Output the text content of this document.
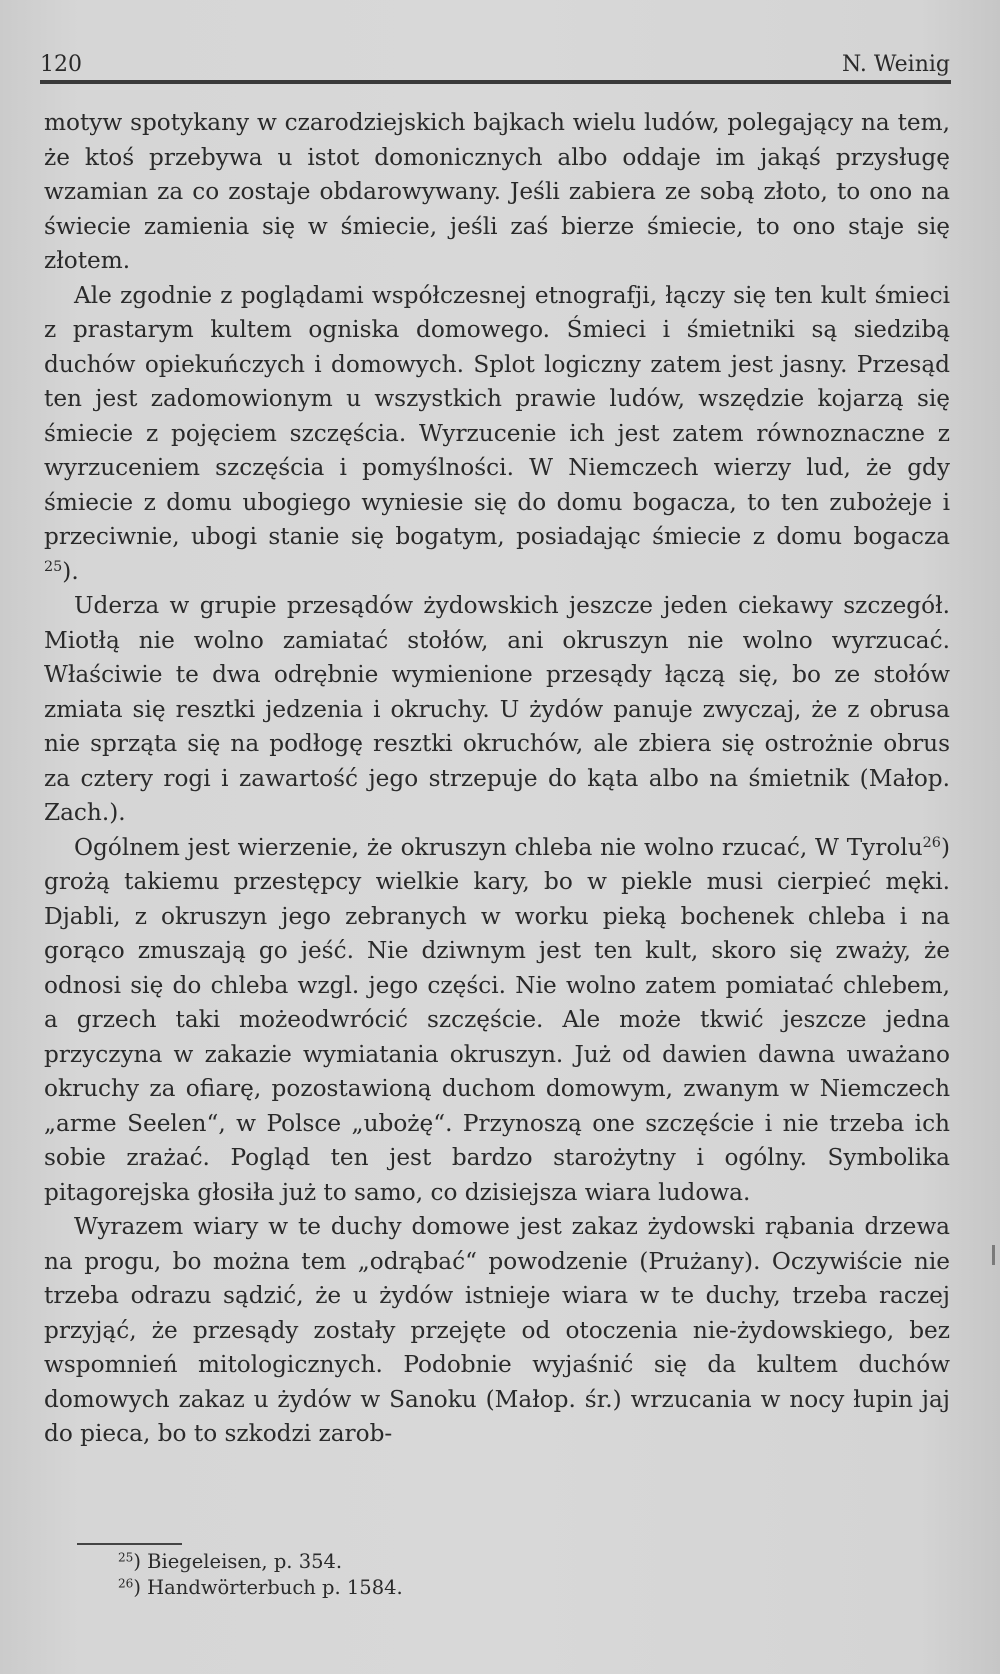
120	N. Weinig

motyw spotykany w czarodziejskich bajkach wielu ludów, polegający na tem, że ktoś przebywa u istot domonicznych albo oddaje im jakąś przysługę wzamian za co zostaje obdarowywany. Jeśli zabiera ze sobą złoto, to ono na świecie zamienia się w śmiecie, jeśli zaś bierze śmiecie, to ono staje się złotem.

Ale zgodnie z poglądami współczesnej etnografji, łączy się ten kult śmieci z prastarym kultem ogniska domowego. Śmieci i śmietniki są siedzibą duchów opiekuńczych i domowych. Splot logiczny zatem jest jasny. Przesąd ten jest zadomowionym u wszystkich prawie ludów, wszędzie kojarzą się śmiecie z pojęciem szczęścia. Wyrzucenie ich jest zatem równoznaczne z wyrzuceniem szczęścia i pomyślności. W Niemczech wierzy lud, że gdy śmiecie z domu ubogiego wyniesie się do domu bogacza, to ten zubożeje i przeciwnie, ubogi stanie się bogatym, posiadając śmiecie z domu bogacza $^{25}$).

Uderza w grupie przesądów żydowskich jeszcze jeden ciekawy szczegół. Miotłą nie wolno zamiatać stołów, ani okruszyn nie wolno wyrzucać. Właściwie te dwa odrębnie wymienione przesądy łączą się, bo ze stołów zmiata się resztki jedzenia i okruchy. U żydów panuje zwyczaj, że z obrusa nie sprząta się na podłogę resztki okruchów, ale zbiera się ostrożnie obrus za cztery rogi i zawartość jego strzepuje do kąta albo na śmietnik (Małop. Zach.).

Ogólnem jest wierzenie, że okruszyn chleba nie wolno rzucać, W Tyrolu$^{26}$) grożą takiemu przestępcy wielkie kary, bo w piekle musi cierpieć męki. Djabli, z okruszyn jego zebranych w worku pieką bochenek chleba i na gorąco zmuszają go jeść. Nie dziwnym jest ten kult, skoro się zważy, że odnosi się do chleba wzgl. jego części. Nie wolno zatem pomiatać chlebem, a grzech taki możeodwrócić szczęście. Ale może tkwić jeszcze jedna przyczyna w zakazie wymiatania okruszyn. Już od dawien dawna uważano okruchy za ofiarę, pozostawioną duchom domowym, zwanym w Niemczech „arme Seelen“, w Polsce „ubożę“. Przynoszą one szczęście i nie trzeba ich sobie zrażać. Pogląd ten jest bardzo starożytny i ogólny. Symbolika pitagorejska głosiła już to samo, co dzisiejsza wiara ludowa.

Wyrazem wiary w te duchy domowe jest zakaz żydowski rąbania drzewa na progu, bo można tem „odrąbać“ powodzenie (Prużany). Oczywiście nie trzeba odrazu sądzić, że u żydów istnieje wiara w te duchy, trzeba raczej przyjąć, że przesądy zostały przejęte od otoczenia nie-żydowskiego, bez wspomnień mitologicznych. Podobnie wyjaśnić się da kultem duchów domowych zakaz u żydów w Sanoku (Małop. śr.) wrzucania w nocy łupin jaj do pieca, bo to szkodzi zarob-

$^{25}$) Biegeleisen, p. 354.

$^{26}$) Handwörterbuch p. 1584.
